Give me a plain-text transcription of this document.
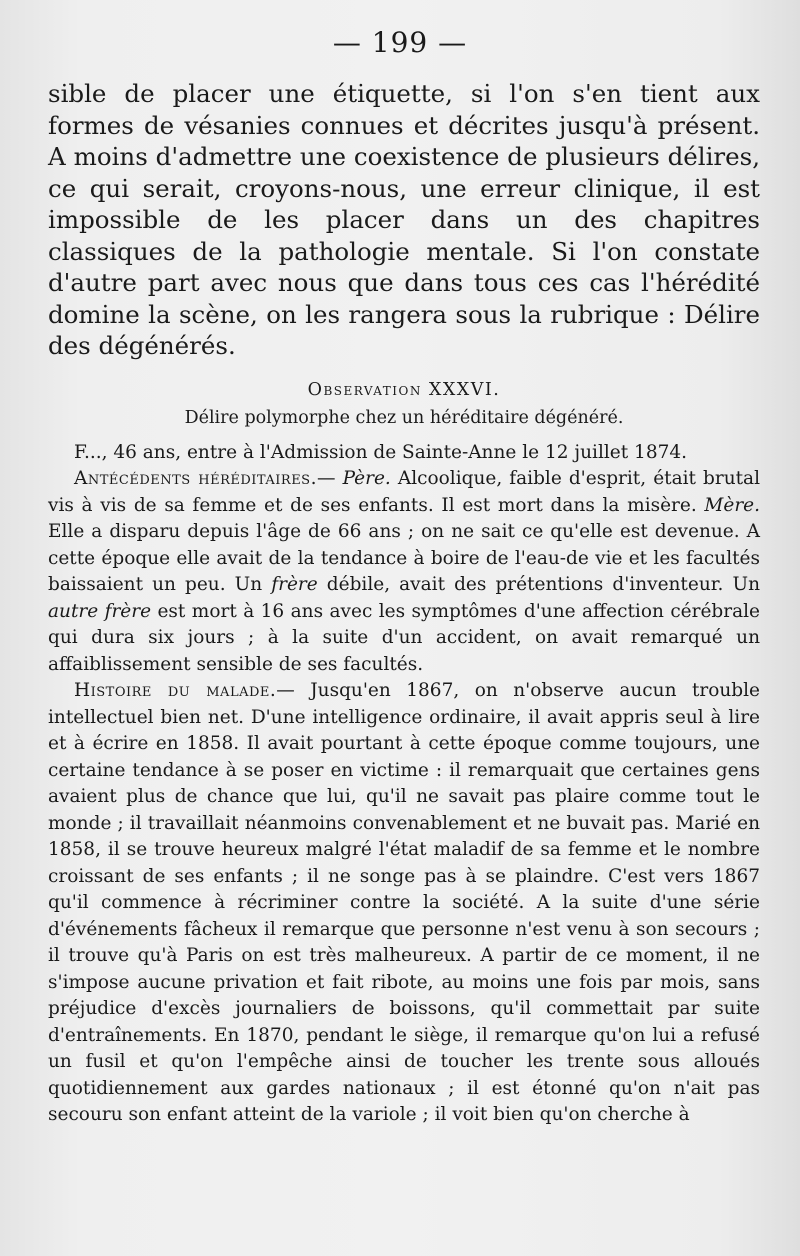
— 199 —

sible de placer une étiquette, si l'on s'en tient aux formes de vésanies connues et décrites jusqu'à présent. A moins d'admettre une coexistence de plusieurs délires, ce qui serait, croyons-nous, une erreur clinique, il est impossible de les placer dans un des chapitres classiques de la pathologie mentale. Si l'on constate d'autre part avec nous que dans tous ces cas l'hérédité domine la scène, on les rangera sous la rubrique : Délire des dégénérés.

Observation XXXVI.
Délire polymorphe chez un héréditaire dégénéré.

F..., 46 ans, entre à l'Admission de Sainte-Anne le 12 juillet 1874.

Antécédents héréditaires.— Père. Alcoolique, faible d'esprit, était brutal vis à vis de sa femme et de ses enfants. Il est mort dans la misère. Mère. Elle a disparu depuis l'âge de 66 ans ; on ne sait ce qu'elle est devenue. A cette époque elle avait de la tendance à boire de l'eau-de vie et les facultés baissaient un peu. Un frère débile, avait des prétentions d'inventeur. Un autre frère est mort à 16 ans avec les symptômes d'une affection cérébrale qui dura six jours ; à la suite d'un accident, on avait remarqué un affaiblissement sensible de ses facultés.

Histoire du malade.— Jusqu'en 1867, on n'observe aucun trouble intellectuel bien net. D'une intelligence ordinaire, il avait appris seul à lire et à écrire en 1858. Il avait pourtant à cette époque comme toujours, une certaine tendance à se poser en victime : il remarquait que certaines gens avaient plus de chance que lui, qu'il ne savait pas plaire comme tout le monde ; il travaillait néanmoins convenablement et ne buvait pas. Marié en 1858, il se trouve heureux malgré l'état maladif de sa femme et le nombre croissant de ses enfants ; il ne songe pas à se plaindre. C'est vers 1867 qu'il commence à récriminer contre la société. A la suite d'une série d'événements fâcheux il remarque que personne n'est venu à son secours ; il trouve qu'à Paris on est très malheureux. A partir de ce moment, il ne s'impose aucune privation et fait ribote, au moins une fois par mois, sans préjudice d'excès journaliers de boissons, qu'il commettait par suite d'entraînements. En 1870, pendant le siège, il remarque qu'on lui a refusé un fusil et qu'on l'empêche ainsi de toucher les trente sous alloués quotidiennement aux gardes nationaux ; il est étonné qu'on n'ait pas secouru son enfant atteint de la variole ; il voit bien qu'on cherche à
